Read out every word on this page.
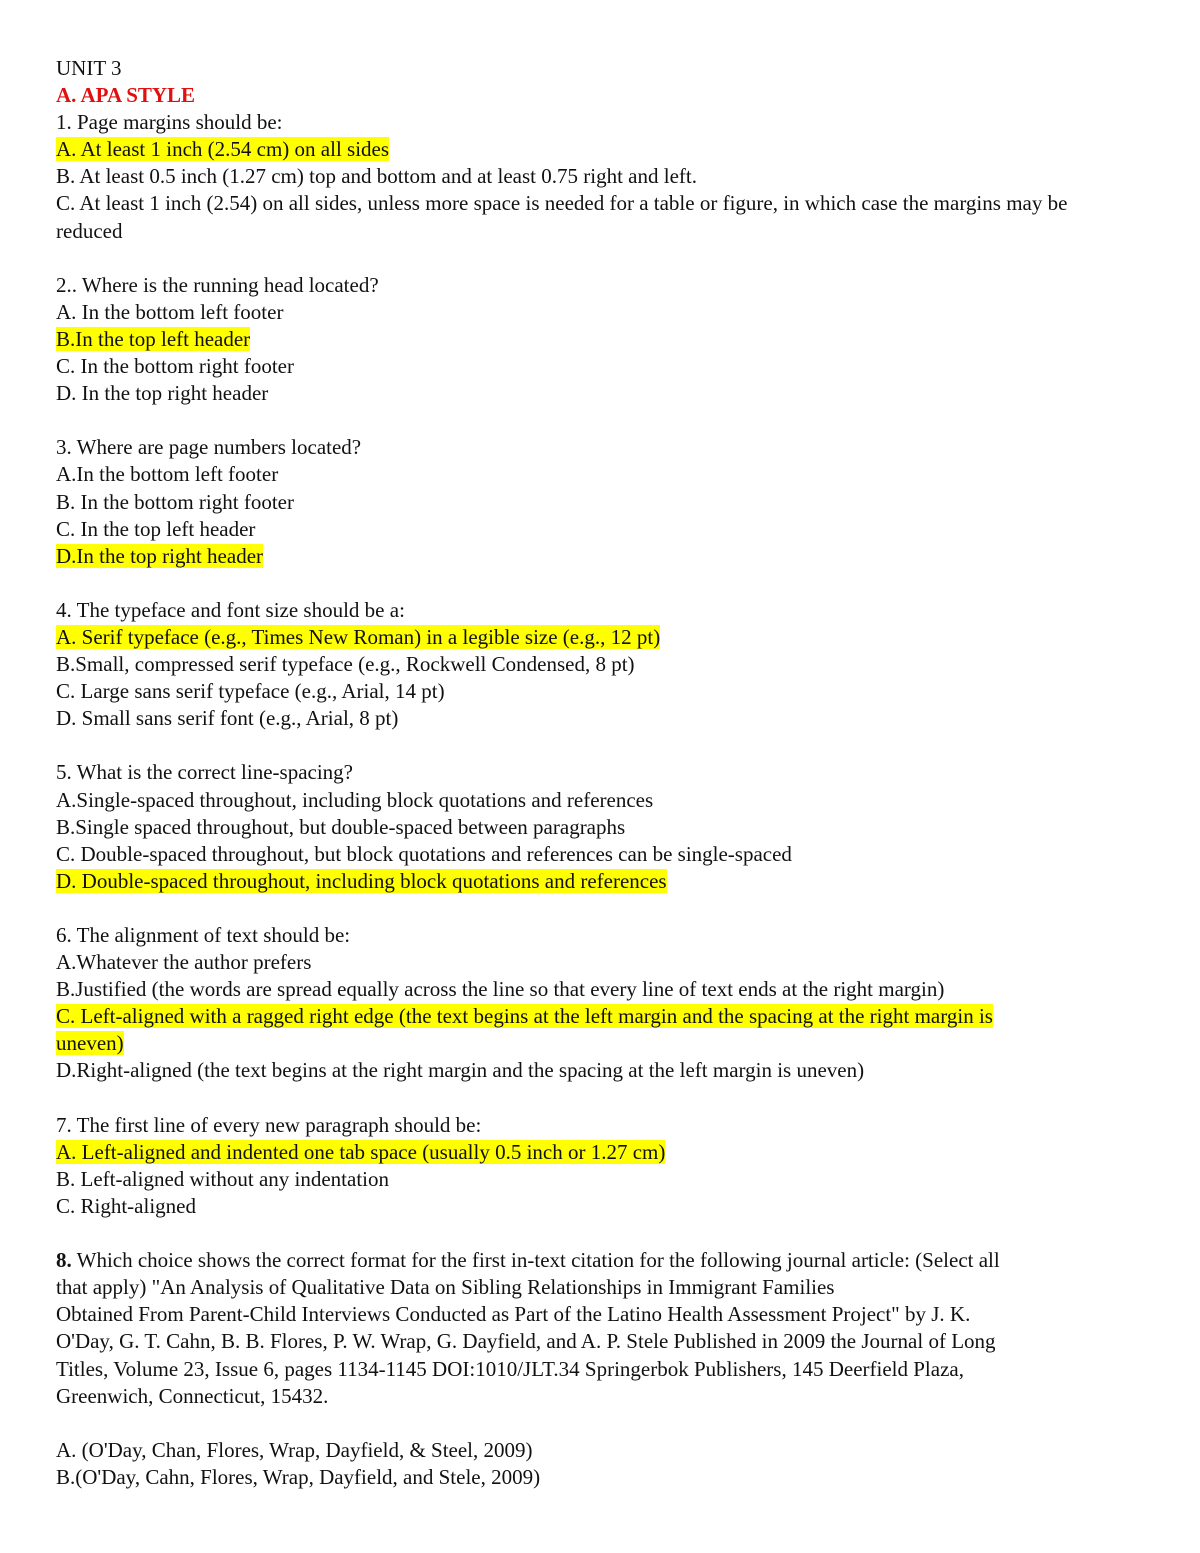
UNIT 3
A. APA STYLE
1. Page margins should be:
A. At least 1 inch (2.54 cm) on all sides
B. At least 0.5 inch (1.27 cm) top and bottom and at least 0.75 right and left.
C. At least 1 inch (2.54) on all sides, unless more space is needed for a table or figure, in which case the margins may be reduced
2.. Where is the running head located?
A. In the bottom left footer
B.In the top left header
C. In the bottom right footer
D. In the top right header
3. Where are page numbers located?
A.In the bottom left footer
B. In the bottom right footer
C. In the top left header
D.In the top right header
4. The typeface and font size should be a:
A. Serif typeface (e.g., Times New Roman) in a legible size (e.g., 12 pt)
B.Small, compressed serif typeface (e.g., Rockwell Condensed, 8 pt)
C. Large sans serif typeface (e.g., Arial, 14 pt)
D. Small sans serif font (e.g., Arial, 8 pt)
5. What is the correct line-spacing?
A.Single-spaced throughout, including block quotations and references
B.Single spaced throughout, but double-spaced between paragraphs
C. Double-spaced throughout, but block quotations and references can be single-spaced
D. Double-spaced throughout, including block quotations and references
6. The alignment of text should be:
A.Whatever the author prefers
B.Justified (the words are spread equally across the line so that every line of text ends at the right margin)
C. Left-aligned with a ragged right edge (the text begins at the left margin and the spacing at the right margin is
uneven)
D.Right-aligned (the text begins at the right margin and the spacing at the left margin is uneven)
7. The first line of every new paragraph should be:
A. Left-aligned and indented one tab space (usually 0.5 inch or 1.27 cm)
B. Left-aligned without any indentation
C. Right-aligned
8. Which choice shows the correct format for the first in-text citation for the following journal article: (Select all
that apply) "An Analysis of Qualitative Data on Sibling Relationships in Immigrant Families
Obtained From Parent-Child Interviews Conducted as Part of the Latino Health Assessment Project" by J. K.
O'Day, G. T. Cahn, B. B. Flores, P. W. Wrap, G. Dayfield, and A. P. Stele Published in 2009 the Journal of Long
Titles, Volume 23, Issue 6, pages 1134-1145 DOI:1010/JLT.34 Springerbok Publishers, 145 Deerfield Plaza,
Greenwich, Connecticut, 15432.
A. (O'Day, Chan, Flores, Wrap, Dayfield, & Steel, 2009)
B.(O'Day, Cahn, Flores, Wrap, Dayfield, and Stele, 2009)
